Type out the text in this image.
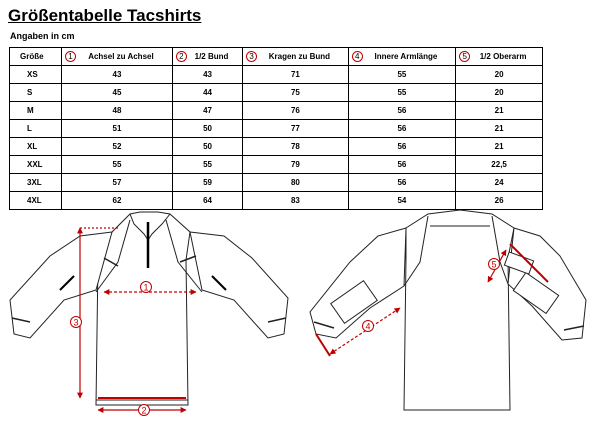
Größentabelle Tacshirts
Angaben in cm
Größe	1 Achsel zu Achsel	2 1/2 Bund	3 Kragen zu Bund	4 Innere Armlänge	5 1/2 Oberarm

XS	43	43	71	55	20
S	45	44	75	55	20
M	48	47	76	56	21
L	51	50	77	56	21
XL	52	50	78	56	21
XXL	55	55	79	56	22,5
3XL	57	59	80	56	24
4XL	62	64	83	54	26
1
2
3	4
5
